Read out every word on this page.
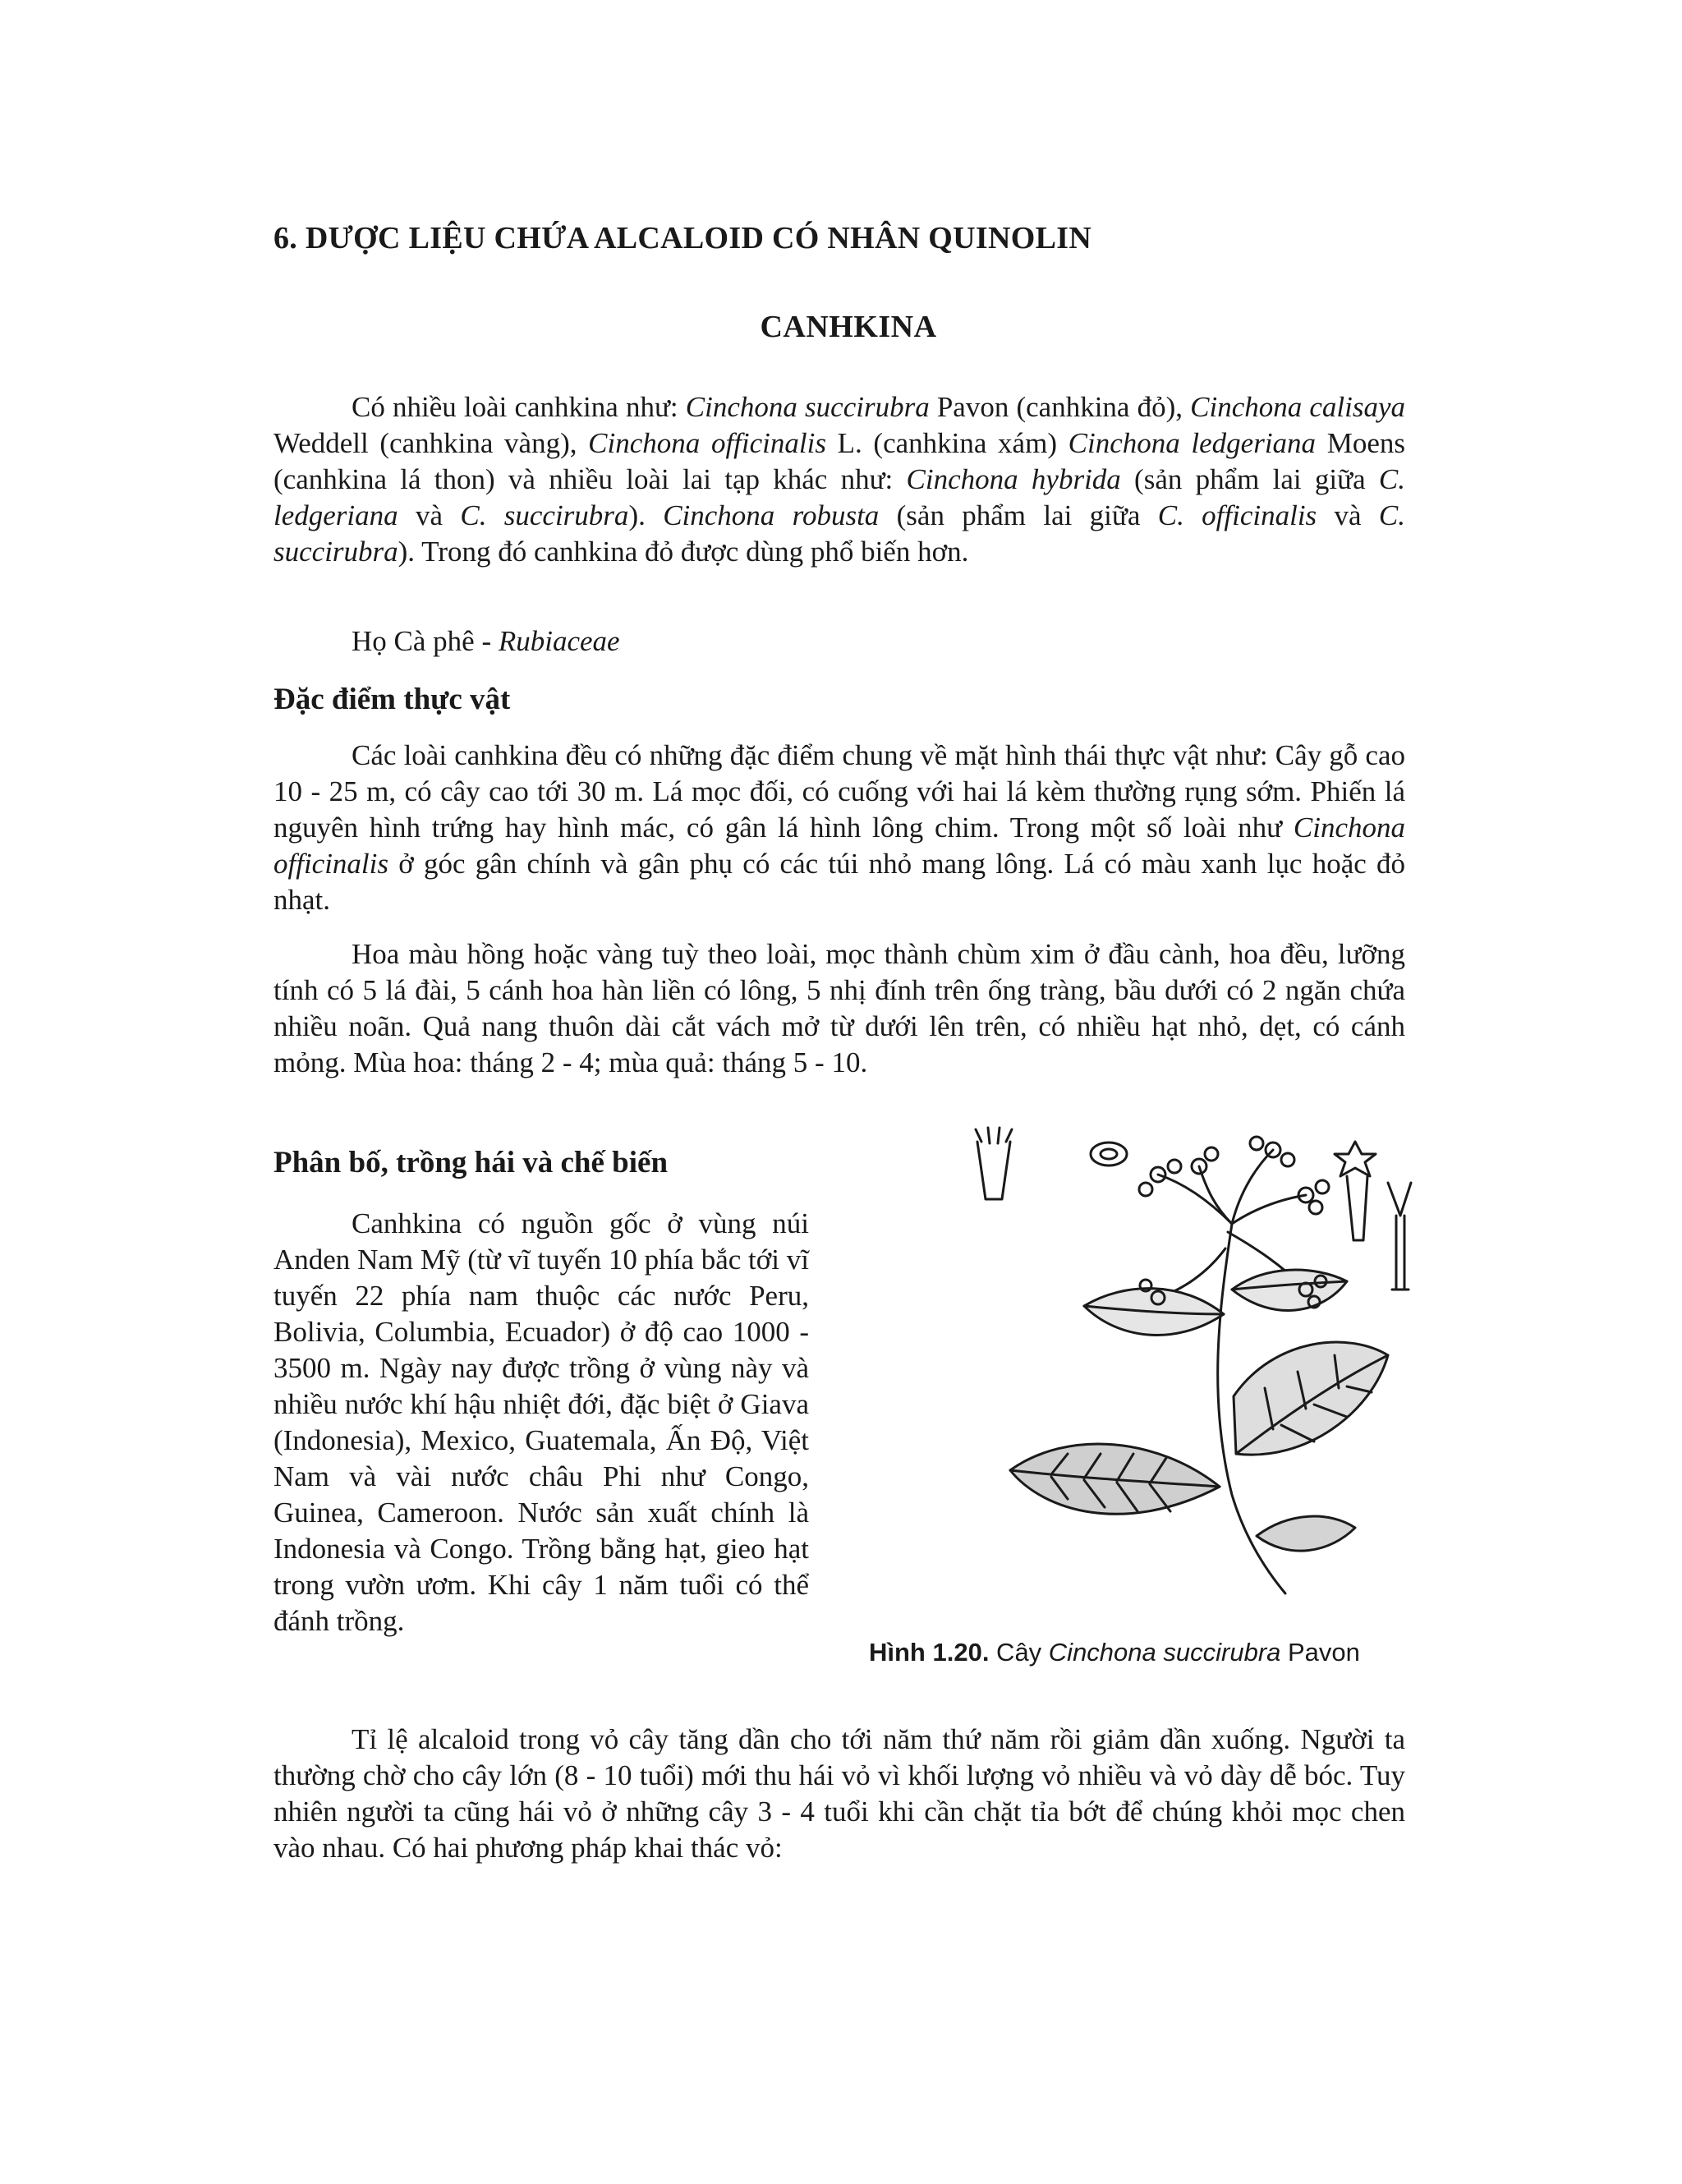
6. DƯỢC LIỆU CHỨA ALCALOID CÓ NHÂN QUINOLIN
CANHKINA

Có nhiều loài canhkina như: Cinchona succirubra Pavon (canhkina đỏ), Cinchona calisaya Weddell (canhkina vàng), Cinchona officinalis L. (canhkina xám) Cinchona ledgeriana Moens (canhkina lá thon) và nhiều loài lai tạp khác như: Cinchona hybrida (sản phẩm lai giữa C. ledgeriana và C. succirubra). Cinchona robusta (sản phẩm lai giữa C. officinalis và C. succirubra). Trong đó canhkina đỏ được dùng phổ biến hơn.

Họ Cà phê - Rubiaceae

Đặc điểm thực vật

Các loài canhkina đều có những đặc điểm chung về mặt hình thái thực vật như: Cây gỗ cao 10 - 25 m, có cây cao tới 30 m. Lá mọc đối, có cuống với hai lá kèm thường rụng sớm. Phiến lá nguyên hình trứng hay hình mác, có gân lá hình lông chim. Trong một số loài như Cinchona officinalis ở góc gân chính và gân phụ có các túi nhỏ mang lông. Lá có màu xanh lục hoặc đỏ nhạt.

Hoa màu hồng hoặc vàng tuỳ theo loài, mọc thành chùm xim ở đầu cành, hoa đều, lưỡng tính có 5 lá đài, 5 cánh hoa hàn liền có lông, 5 nhị đính trên ống tràng, bầu dưới có 2 ngăn chứa nhiều noãn. Quả nang thuôn dài cắt vách mở từ dưới lên trên, có nhiều hạt nhỏ, dẹt, có cánh mỏng. Mùa hoa: tháng 2 - 4; mùa quả: tháng 5 - 10.

Phân bố, trồng hái và chế biến

Canhkina có nguồn gốc ở vùng núi Anden Nam Mỹ (từ vĩ tuyến 10 phía bắc tới vĩ tuyến 22 phía nam thuộc các nước Peru, Bolivia, Columbia, Ecuador) ở độ cao 1000 - 3500 m. Ngày nay được trồng ở vùng này và nhiều nước khí hậu nhiệt đới, đặc biệt ở Giava (Indonesia), Mexico, Guatemala, Ấn Độ, Việt Nam và vài nước châu Phi như Congo, Guinea, Cameroon. Nước sản xuất chính là Indonesia và Congo. Trồng bằng hạt, gieo hạt trong vườn ươm. Khi cây 1 năm tuổi có thể đánh trồng.

Hình 1.20. Cây Cinchona succirubra Pavon

Tỉ lệ alcaloid trong vỏ cây tăng dần cho tới năm thứ năm rồi giảm dần xuống. Người ta thường chờ cho cây lớn (8 - 10 tuổi) mới thu hái vỏ vì khối lượng vỏ nhiều và vỏ dày dễ bóc. Tuy nhiên người ta cũng hái vỏ ở những cây 3 - 4 tuổi khi cần chặt tỉa bớt để chúng khỏi mọc chen vào nhau. Có hai phương pháp khai thác vỏ:
